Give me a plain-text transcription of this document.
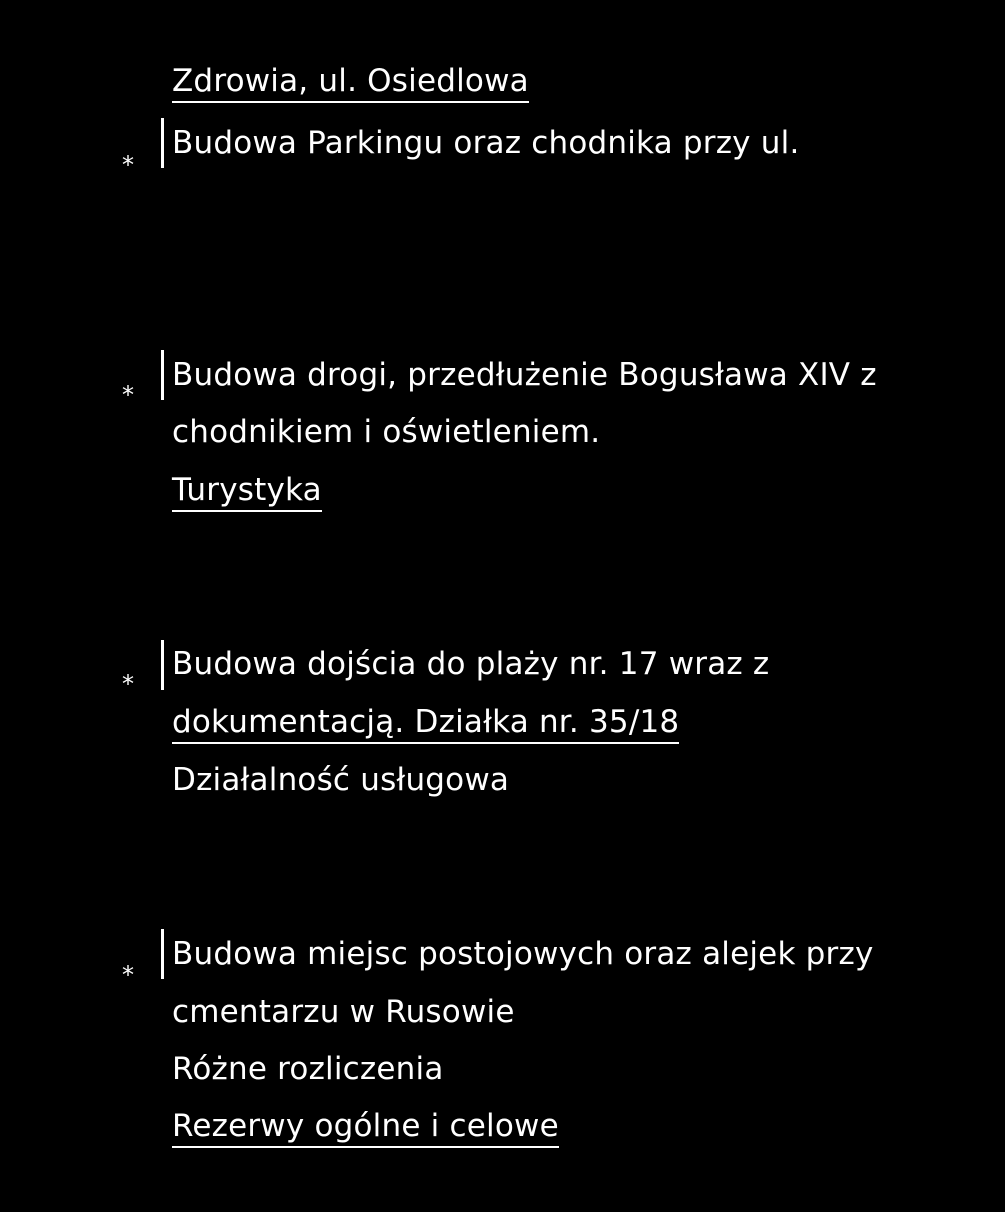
Zdrowia, ul. Osiedlowa
*
Budowa Parkingu oraz chodnika przy ul.
*
Budowa drogi, przedłużenie Bogusława XIV z
chodnikiem i oświetleniem.
Turystyka
*
Budowa dojścia do plaży nr. 17 wraz z
dokumentacją. Działka nr. 35/18
Działalność usługowa
*
Budowa miejsc postojowych oraz alejek przy
cmentarzu w Rusowie
Różne rozliczenia
Rezerwy ogólne i celowe
